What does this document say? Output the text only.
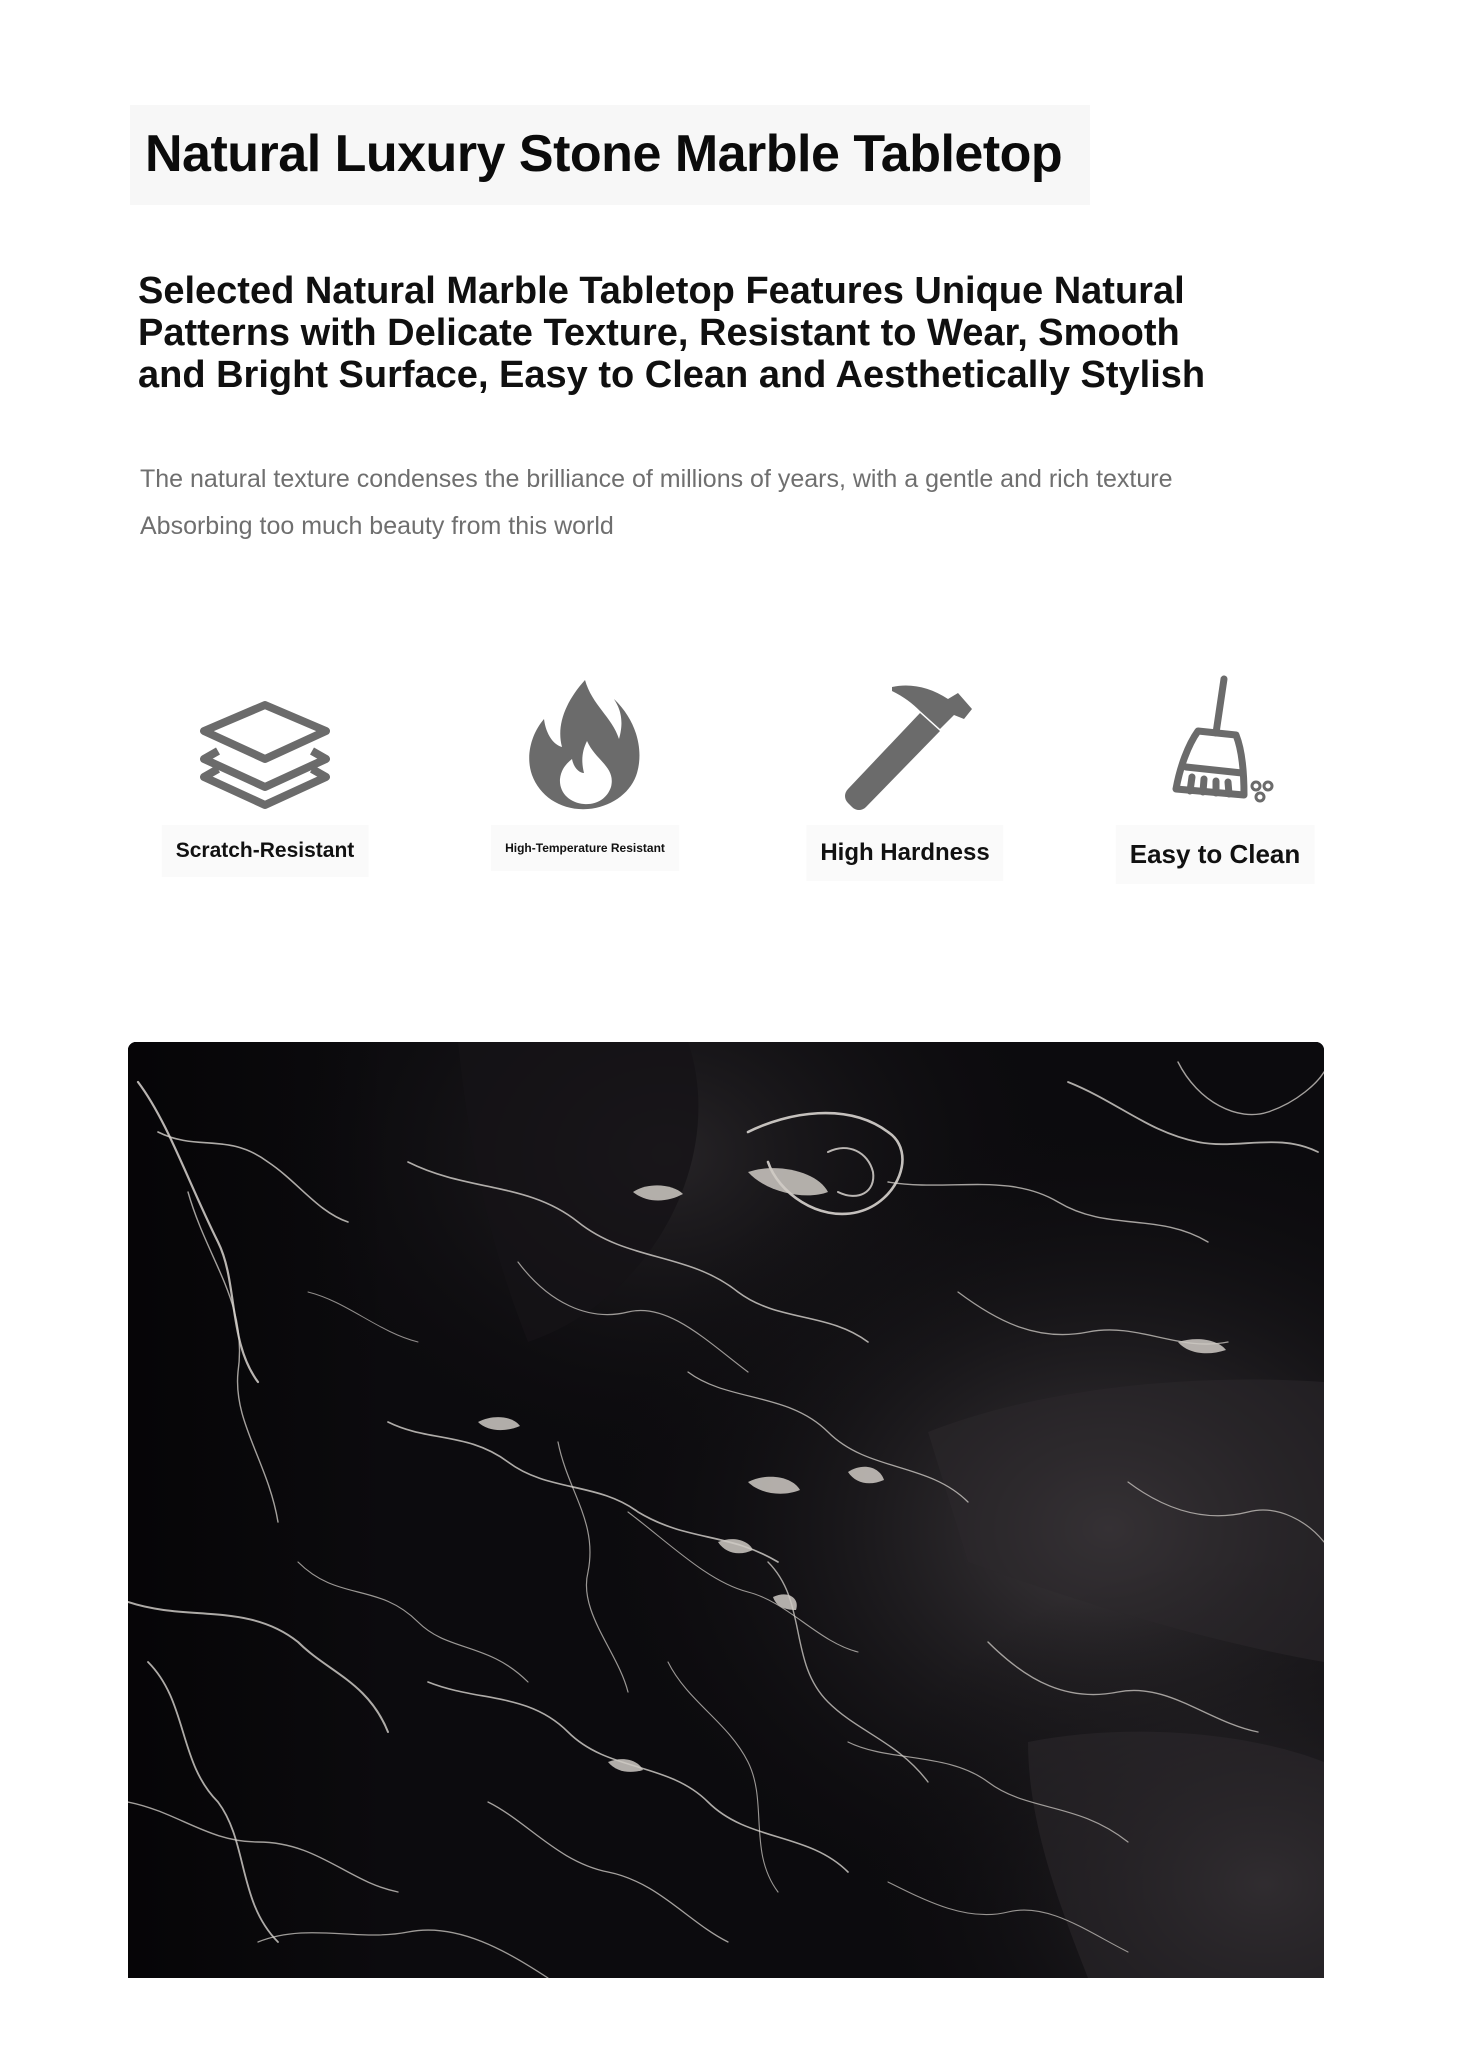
Natural Luxury Stone Marble Tabletop
Selected Natural Marble Tabletop Features Unique Natural
Patterns with Delicate Texture, Resistant to Wear, Smooth
and Bright Surface, Easy to Clean and Aesthetically Stylish

The natural texture condenses the brilliance of millions of years, with a gentle and rich texture
Absorbing too much beauty from this world

Scratch-Resistant	High-Temperature Resistant	High Hardness	Easy to Clean
